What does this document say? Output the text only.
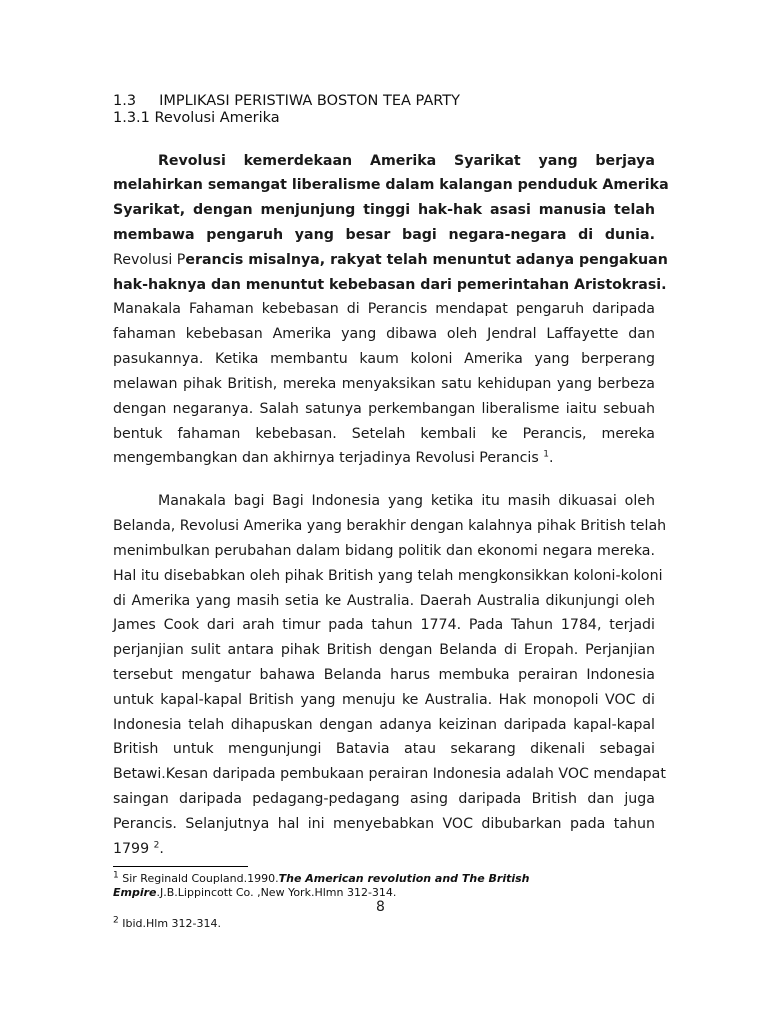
1.3     IMPLIKASI PERISTIWA BOSTON TEA PARTY
1.3.1 Revolusi Amerika
Revolusi kemerdekaan Amerika Syarikat yang berjaya
melahirkan semangat liberalisme dalam kalangan penduduk Amerika
Syarikat, dengan menjunjung tinggi hak-hak asasi manusia telah
membawa pengaruh yang besar bagi negara-negara di dunia.
Revolusi Perancis misalnya, rakyat telah menuntut adanya pengakuan
hak-haknya dan menuntut kebebasan dari pemerintahan Aristokrasi.
Manakala Fahaman kebebasan di Perancis mendapat pengaruh daripada
fahaman kebebasan Amerika yang dibawa oleh Jendral Laffayette dan
pasukannya. Ketika membantu kaum koloni Amerika yang berperang
melawan pihak British, mereka menyaksikan satu kehidupan yang berbeza
dengan negaranya. Salah satunya perkembangan liberalisme iaitu sebuah
bentuk fahaman kebebasan. Setelah kembali ke Perancis, mereka
mengembangkan dan akhirnya terjadinya Revolusi Perancis $^1$.
Manakala bagi Bagi Indonesia yang ketika itu masih dikuasai oleh
Belanda, Revolusi Amerika yang berakhir dengan kalahnya pihak British telah
menimbulkan perubahan dalam bidang politik dan ekonomi negara mereka.
Hal itu disebabkan oleh pihak British yang telah mengkonsikkan koloni-koloni
di Amerika yang masih setia ke Australia. Daerah Australia dikunjungi oleh
James Cook dari arah timur pada tahun 1774. Pada Tahun 1784, terjadi
perjanjian sulit antara pihak British dengan Belanda di Eropah. Perjanjian
tersebut mengatur bahawa Belanda harus membuka perairan Indonesia
untuk kapal-kapal British yang menuju ke Australia. Hak monopoli VOC di
Indonesia telah dihapuskan dengan adanya keizinan daripada kapal-kapal
British untuk mengunjungi Batavia atau sekarang dikenali sebagai
Betawi.Kesan daripada pembukaan perairan Indonesia adalah VOC mendapat
saingan daripada pedagang-pedagang asing daripada British dan juga
Perancis. Selanjutnya hal ini menyebabkan VOC dibubarkan pada tahun
1799 $^2$.
$^1$ Sir Reginald Coupland.1990.The American revolution and The British
Empire.J.B.Lippincott Co. ,New York.Hlmn 312-314.
8
$^2$ Ibid.Hlm 312-314.
